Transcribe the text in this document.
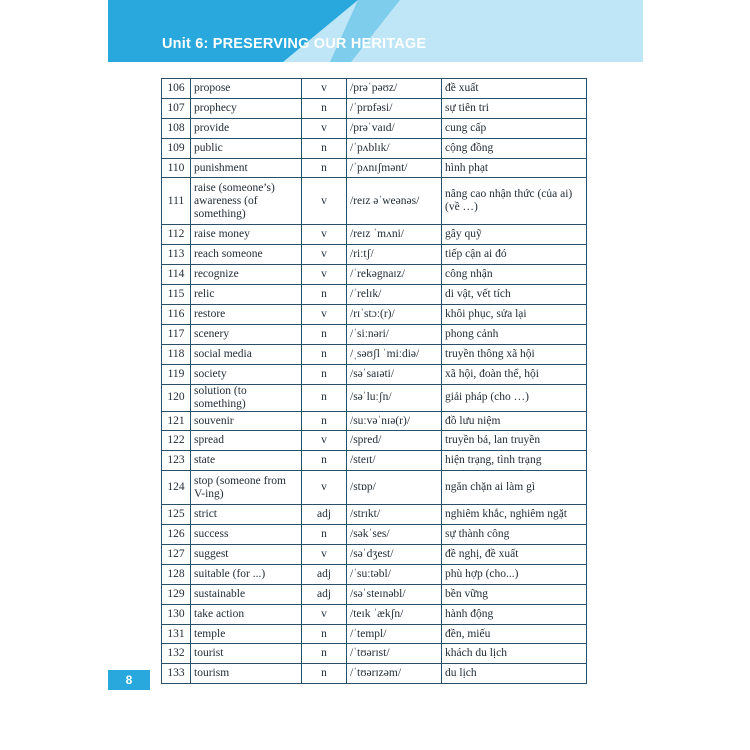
Unit 6: PRESERVING OUR HERITAGE
106	propose	v	/prəˈpəʊz/	đề xuất
107	prophecy	n	/ˈprɒfəsi/	sự tiên tri
108	provide	v	/prəˈvaɪd/	cung cấp
109	public	n	/ˈpʌblɪk/	cộng đồng
110	punishment	n	/ˈpʌnɪʃmənt/	hình phạt
111	raise (someone’s) awareness (of something)	v	/reɪz əˈweənəs/	nâng cao nhận thức (của ai) (về …)
112	raise money	v	/reɪz ˈmʌni/	gây quỹ
113	reach someone	v	/riːtʃ/	tiếp cận ai đó
114	recognize	v	/ˈrekəgnaɪz/	công nhận
115	relic	n	/ˈrelɪk/	di vật, vết tích
116	restore	v	/rɪˈstɔː(r)/	khôi phục, sửa lại
117	scenery	n	/ˈsiːnəri/	phong cảnh
118	social media	n	/ˌsəʊʃl ˈmiːdiə/	truyền thông xã hội
119	society	n	/səˈsaɪəti/	xã hội, đoàn thể, hội
120	solution (to something)	n	/səˈluːʃn/	giải pháp (cho …)
121	souvenir	n	/suːvəˈnɪə(r)/	đồ lưu niệm
122	spread	v	/spred/	truyền bá, lan truyền
123	state	n	/steɪt/	hiện trạng, tình trạng
124	stop (someone from V-ing)	v	/stɒp/	ngăn chặn ai làm gì
125	strict	adj	/strɪkt/	nghiêm khắc, nghiêm ngặt
126	success	n	/səkˈses/	sự thành công
127	suggest	v	/səˈdʒest/	đề nghị, đề xuất
128	suitable (for ...)	adj	/ˈsuːtəbl/	phù hợp (cho...)
129	sustainable	adj	/səˈsteɪnəbl/	bền vững
130	take action	v	/teɪk ˈækʃn/	hành động
131	temple	n	/ˈtempl/	đền, miếu
132	tourist	n	/ˈtʊərɪst/	khách du lịch
133	tourism	n	/ˈtʊərɪzəm/	du lịch
8
